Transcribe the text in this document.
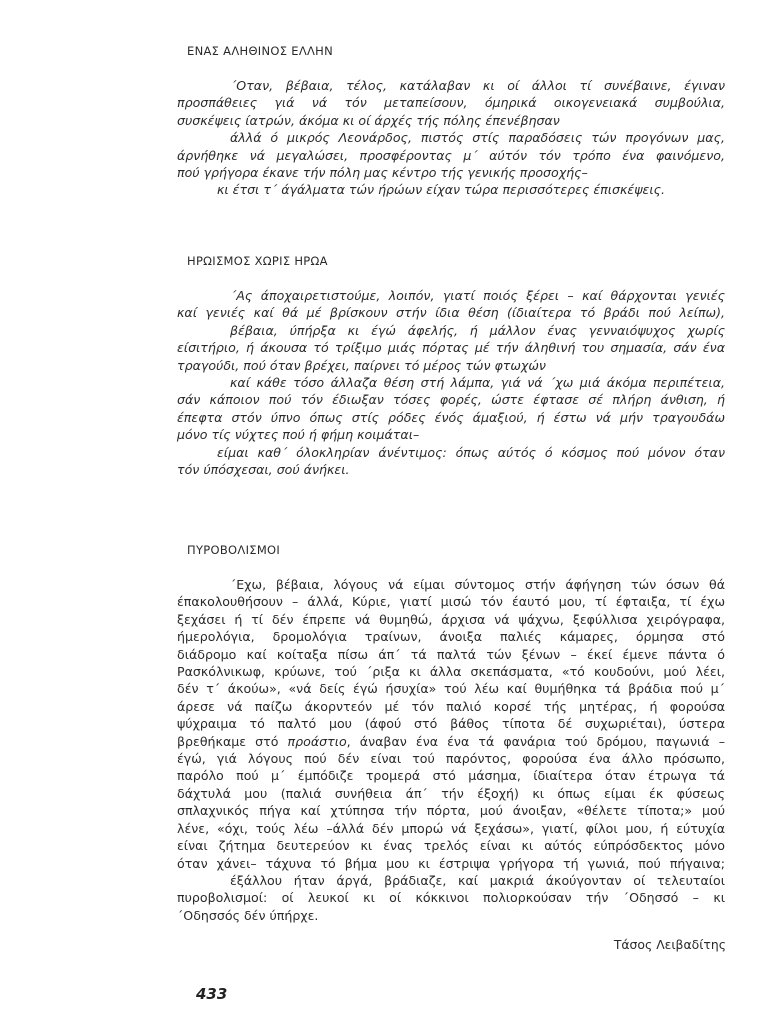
ΕΝΑΣ ΑΛΗΘΙΝΟΣ ΕΛΛΗΝ
΄Οταν, βέβαια, τέλος, κατάλαβαν κι οί άλλοι τί συνέβαινε, έγιναν
προσπάθειες γιά νά τόν μεταπείσουν, όμηρικά οικογενειακά συμβούλια,
συσκέψεις ίατρών, άκόμα κι οί άρχές τής πόλης έπενέβησαν
άλλά ό μικρός Λεονάρδος, πιστός στίς παραδόσεις τών προγόνων μας,
άρνήθηκε νά μεγαλώσει, προσφέροντας μ΄ αύτόν τόν τρόπο ένα φαινόμενο,
πού γρήγορα έκανε τήν πόλη μας κέντρο τής γενικής προσοχής–
κι έτσι τ΄ άγάλματα τών ήρώων είχαν τώρα περισσότερες έπισκέψεις.
ΗΡΩΙΣΜΟΣ ΧΩΡΙΣ ΗΡΩΑ
΄Ας άποχαιρετιστούμε, λοιπόν, γιατί ποιός ξέρει – καί θάρχονται γενιές
καί γενιές καί θά μέ βρίσκουν στήν ίδια θέση (ίδιαίτερα τό βράδι πού λείπω),
βέβαια, ύπήρξα κι έγώ άφελής, ή μάλλον ένας γενναιόψυχος χωρίς
είσιτήριο, ή άκουσα τό τρίξιμο μιάς πόρτας μέ τήν άληθινή του σημασία, σάν ένα
τραγούδι, πού όταν βρέχει, παίρνει τό μέρος τών φτωχών
καί κάθε τόσο άλλαζα θέση στή λάμπα, γιά νά ΄χω μιά άκόμα περιπέτεια,
σάν κάποιον πού τόν έδιωξαν τόσες φορές, ώστε έφτασε σέ πλήρη άνθιση, ή
έπεφτα στόν ύπνο όπως στίς ρόδες ένός άμαξιού, ή έστω νά μήν τραγουδάω
μόνο τίς νύχτες πού ή φήμη κοιμάται–
είμαι καθ΄ όλοκληρίαν άνέντιμος: όπως αύτός ό κόσμος πού μόνον όταν
τόν ύπόσχεσαι, σού άνήκει.
ΠΥΡΟΒΟΛΙΣΜΟΙ
΄Εχω, βέβαια, λόγους νά είμαι σύντομος στήν άφήγηση τών όσων θά
έπακολουθήσουν – άλλά, Κύριε, γιατί μισώ τόν έαυτό μου, τί έφταιξα, τί έχω
ξεχάσει ή τί δέν έπρεπε νά θυμηθώ, άρχισα νά ψάχνω, ξεφύλλισα χειρόγραφα,
ήμερολόγια, δρομολόγια τραίνων, άνοιξα παλιές κάμαρες, όρμησα στό
διάδρομο καί κοίταξα πίσω άπ΄ τά παλτά τών ξένων – έκεί έμενε πάντα ό
Ρασκόλνικωφ, κρύωνε, τού ΄ριξα κι άλλα σκεπάσματα, «τό κουδούνι, μού λέει,
δέν τ΄ άκούω», «νά δείς έγώ ήσυχία» τού λέω καί θυμήθηκα τά βράδια πού μ΄
άρεσε νά παίζω άκορντεόν μέ τόν παλιό κορσέ τής μητέρας, ή φορούσα
ψύχραιμα τό παλτό μου (άφού στό βάθος τίποτα δέ συχωριέται), ύστερα
βρεθήκαμε στό προάστιο, άναβαν ένα ένα τά φανάρια τού δρόμου, παγωνιά –
έγώ, γιά λόγους πού δέν είναι τού παρόντος, φορούσα ένα άλλο πρόσωπο,
παρόλο πού μ΄ έμπόδιζε τρομερά στό μάσημα, ίδιαίτερα όταν έτρωγα τά
δάχτυλά μου (παλιά συνήθεια άπ΄ τήν έξοχή) κι όπως είμαι έκ φύσεως
σπλαχνικός πήγα καί χτύπησα τήν πόρτα, μού άνοιξαν, «θέλετε τίποτα;» μού
λένε, «όχι, τούς λέω –άλλά δέν μπορώ νά ξεχάσω», γιατί, φίλοι μου, ή εύτυχία
είναι ζήτημα δευτερεύον κι ένας τρελός είναι κι αύτός εύπρόσδεκτος μόνο
όταν χάνει– τάχυνα τό βήμα μου κι έστριψα γρήγορα τή γωνιά, πού πήγαινα;
έξάλλου ήταν άργά, βράδιαζε, καί μακριά άκούγονταν οί τελευταίοι
πυροβολισμοί: οί λευκοί κι οί κόκκινοι πολιορκούσαν τήν ΄Οδησσό – κι
΄Οδησσός δέν ύπήρχε.
Τάσος Λειβαδίτης
433
